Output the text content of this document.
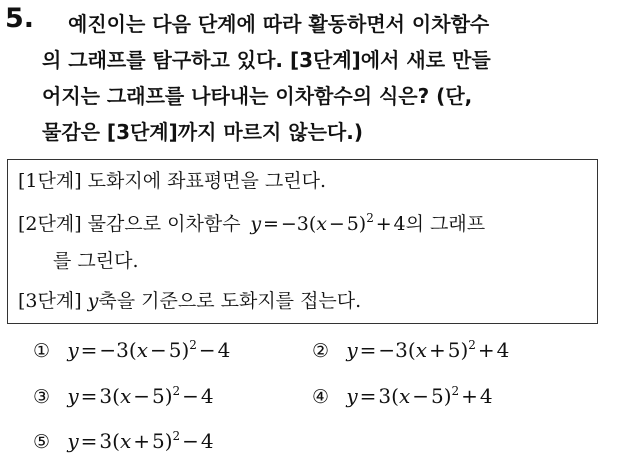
5.	예진이는 다음 단계에 따라 활동하면서 이차함수
의 그래프를 탐구하고 있다. [3단계]에서 새로 만들
어지는 그래프를 나타내는 이차함수의 식은? (단,
물감은 [3단계]까지 마르지 않는다.)
[1단계] 도화지에 좌표평면을 그린다.
[2단계] 물감으로 이차함수   y = −3(x − 5)$^2$ + 4의 그래프
를 그린다.
[3단계] y축을 기준으로 도화지를 접는다.
① y = −3(x − 5)$^2$ − 4	② y = −3(x + 5)$^2$ + 4
③ y = 3(x − 5)$^2$ − 4	④ y = 3(x − 5)$^2$ + 4
⑤ y = 3(x + 5)$^2$ − 4
